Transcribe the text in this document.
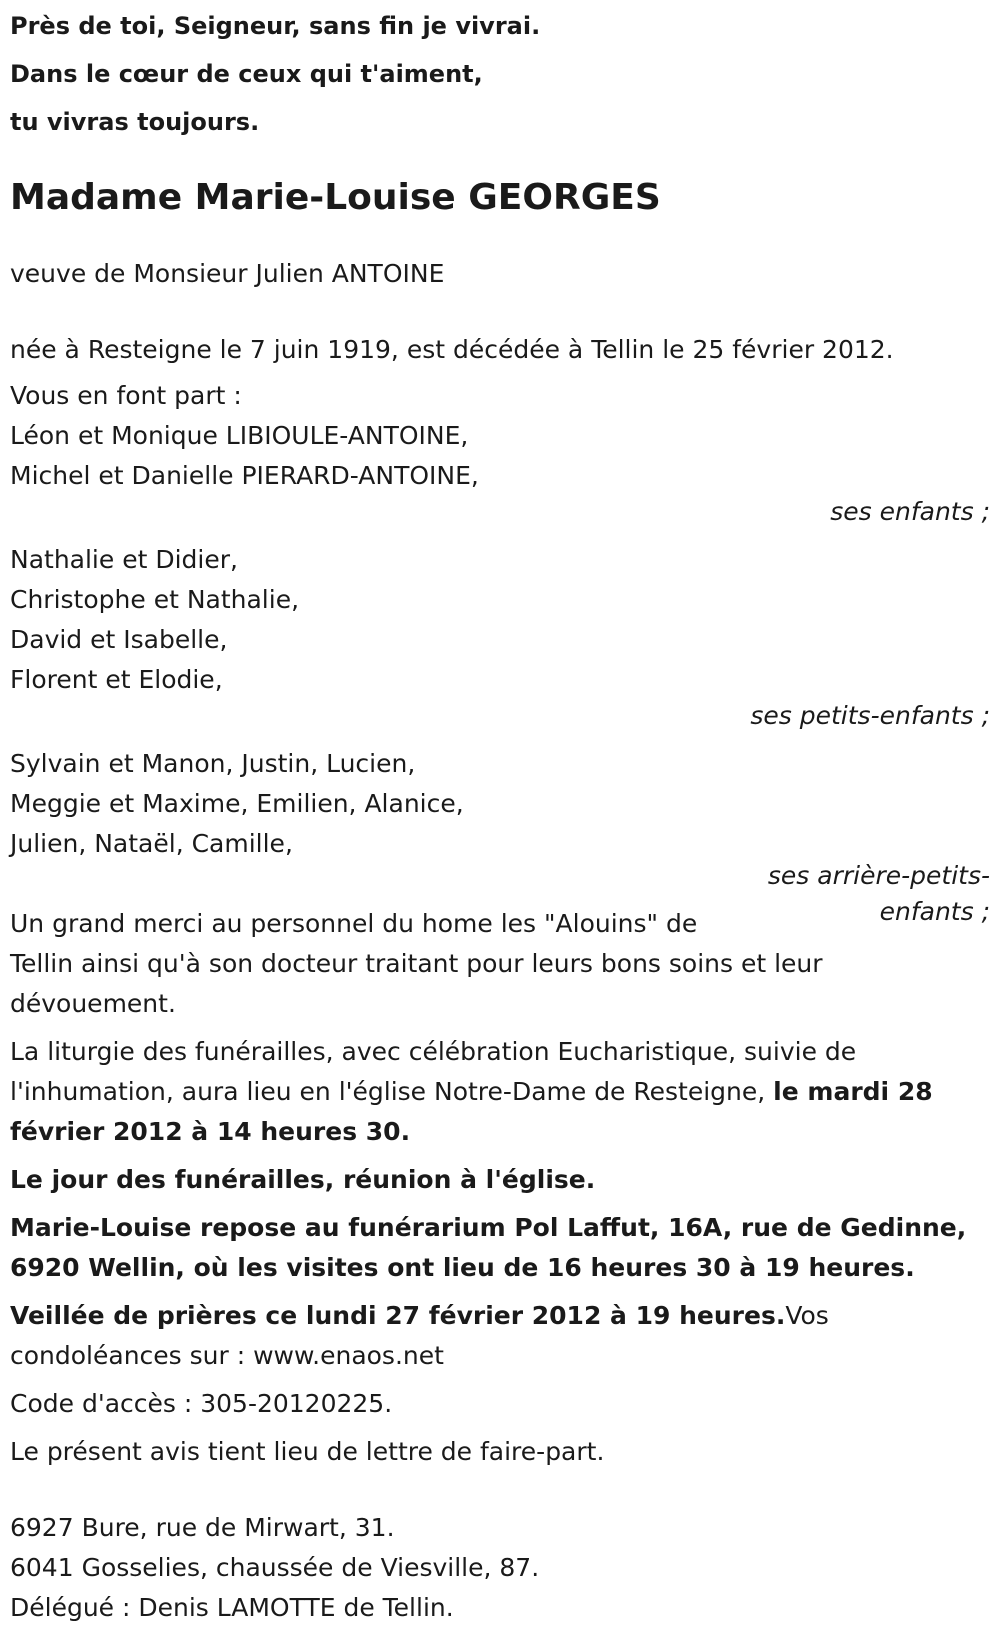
Près de toi, Seigneur, sans fin je vivrai.
Dans le cœur de ceux qui t'aiment,
tu vivras toujours.
Madame Marie-Louise GEORGES
veuve de Monsieur Julien ANTOINE
née à Resteigne le 7 juin 1919, est décédée à Tellin le 25 février 2012.
Vous en font part :
Léon et Monique LIBIOULE-ANTOINE,
Michel et Danielle PIERARD-ANTOINE,
ses enfants ;
Nathalie et Didier,
Christophe et Nathalie,
David et Isabelle,
Florent et Elodie,
ses petits-enfants ;
Sylvain et Manon, Justin, Lucien,
Meggie et Maxime, Emilien, Alanice,
Julien, Nataël, Camille,
ses arrière-petits-enfants ;
Un grand merci au personnel du home les "Alouins" de Tellin ainsi qu'à son docteur traitant pour leurs bons soins et leur dévouement.
La liturgie des funérailles, avec célébration Eucharistique, suivie de l'inhumation, aura lieu en l'église Notre-Dame de Resteigne, le mardi 28 février 2012 à 14 heures 30.
Le jour des funérailles, réunion à l'église.
Marie-Louise repose au funérarium Pol Laffut, 16A, rue de Gedinne, 6920 Wellin, où les visites ont lieu de 16 heures 30 à 19 heures.
Veillée de prières ce lundi 27 février 2012 à 19 heures.Vos condoléances sur : www.enaos.net
Code d'accès : 305-20120225.
Le présent avis tient lieu de lettre de faire-part.
6927 Bure, rue de Mirwart, 31.
6041 Gosselies, chaussée de Viesville, 87.
Délégué : Denis LAMOTTE de Tellin.
